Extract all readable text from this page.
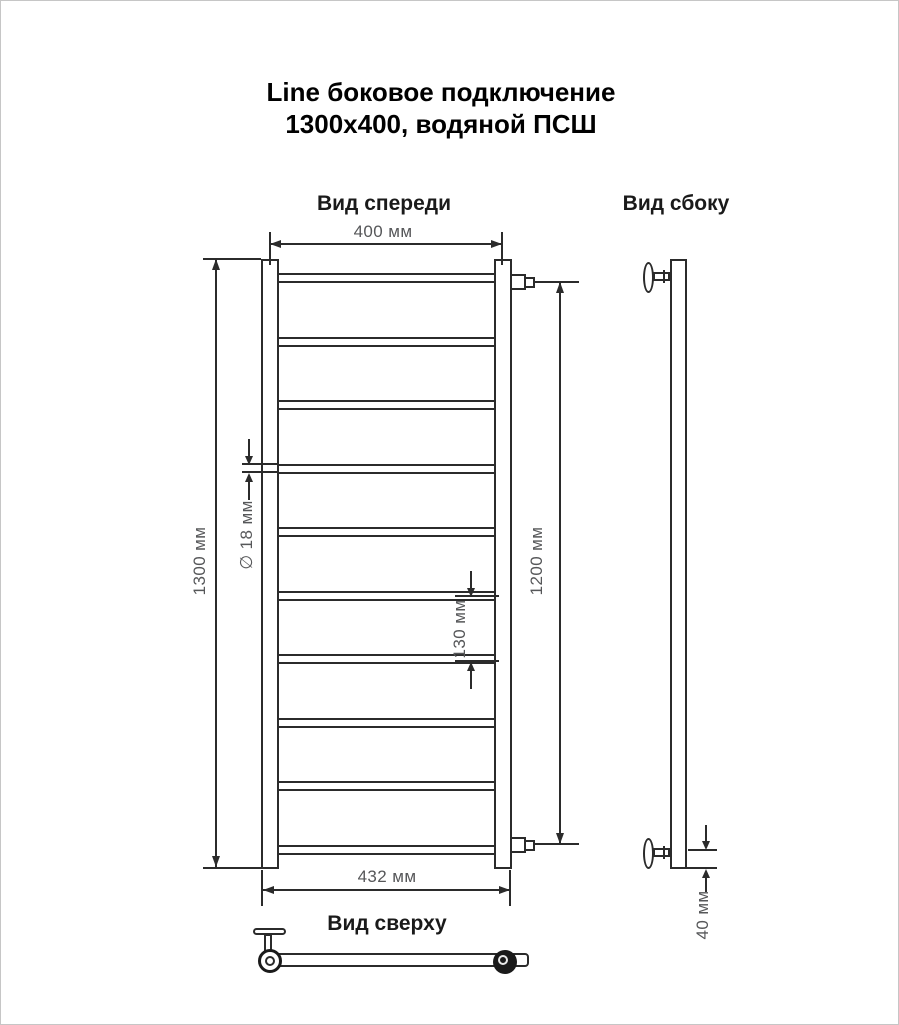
Line боковое подключение
1300x400, водяной ПСШ
Вид спереди	Вид сбоку
Вид сверху
400 мм
1300 мм	1200 мм
∅ 18 мм
130 мм
432 мм
40 мм
